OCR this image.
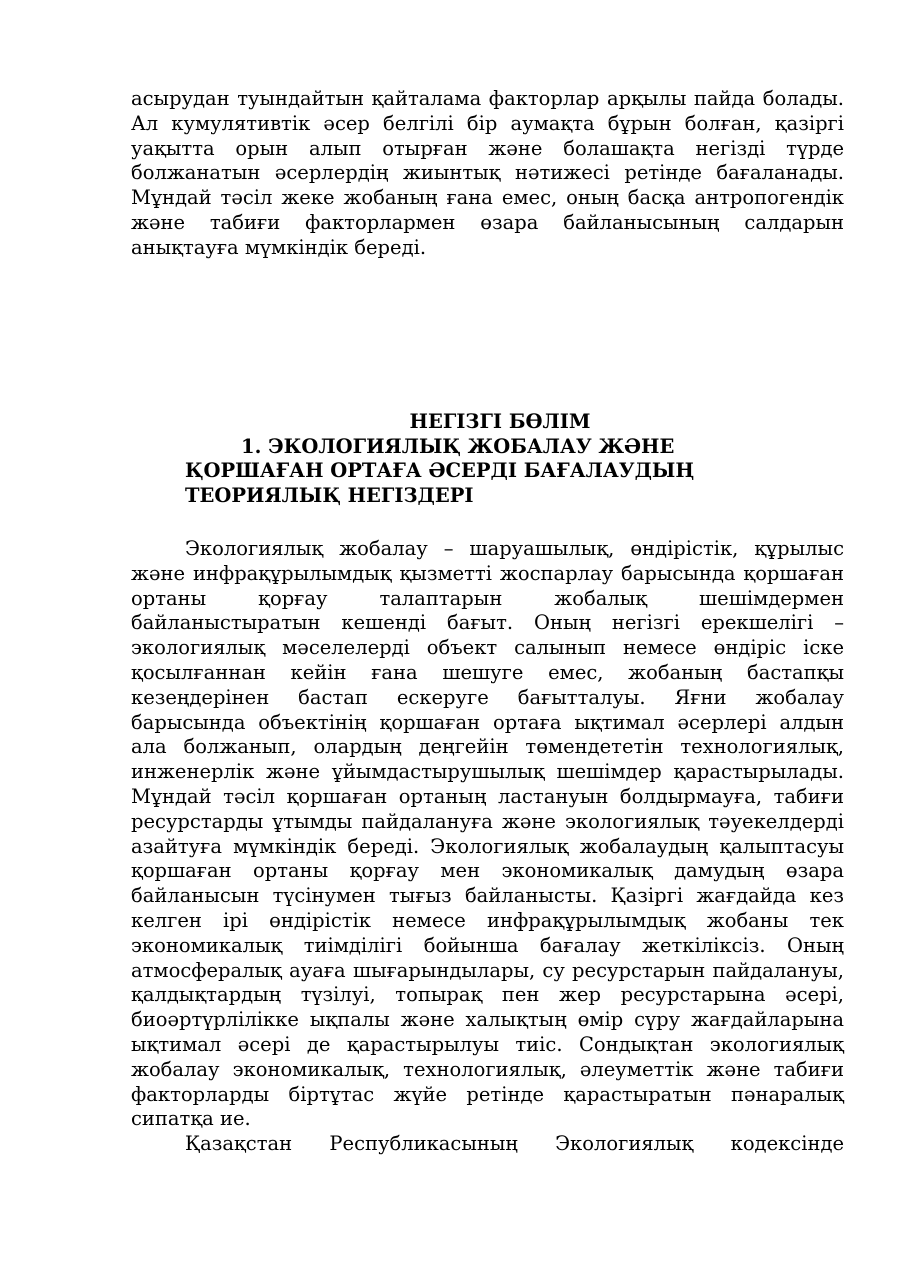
асырудан туындайтын қайталама факторлар арқылы пайда болады. Ал кумулятивтік әсер белгілі бір аумақта бұрын болған, қазіргі уақытта орын алып отырған және болашақта негізді түрде болжанатын әсерлердің жиынтық нәтижесі ретінде бағаланады. Мұндай тәсіл жеке жобаның ғана емес, оның басқа антропогендік және табиғи факторлармен өзара байланысының салдарын анықтауға мүмкіндік береді.

НЕГІЗГІ БӨЛІМ
1. ЭКОЛОГИЯЛЫҚ ЖОБАЛАУ ЖӘНЕ
ҚОРШАҒАН ОРТАҒА ӘСЕРДІ БАҒАЛАУДЫҢ
ТЕОРИЯЛЫҚ НЕГІЗДЕРІ

Экологиялық жобалау – шаруашылық, өндірістік, құрылыс және инфрақұрылымдық қызметті жоспарлау барысында қоршаған ортаны қорғау талаптарын жобалық шешімдермен байланыстыратын кешенді бағыт. Оның негізгі ерекшелігі – экологиялық мәселелерді объект салынып немесе өндіріс іске қосылғаннан кейін ғана шешуге емес, жобаның бастапқы кезеңдерінен бастап ескеруге бағытталуы. Яғни жобалау барысында объектінің қоршаған ортаға ықтимал әсерлері алдын ала болжанып, олардың деңгейін төмендететін технологиялық, инженерлік және ұйымдастырушылық шешімдер қарастырылады. Мұндай тәсіл қоршаған ортаның ластануын болдырмауға, табиғи ресурстарды ұтымды пайдалануға және экологиялық тәуекелдерді азайтуға мүмкіндік береді. Экологиялық жобалаудың қалыптасуы қоршаған ортаны қорғау мен экономикалық дамудың өзара байланысын түсінумен тығыз байланысты. Қазіргі жағдайда кез келген ірі өндірістік немесе инфрақұрылымдық жобаны тек экономикалық тиімділігі бойынша бағалау жеткіліксіз. Оның атмосфералық ауаға шығарындылары, су ресурстарын пайдалануы, қалдықтардың түзілуі, топырақ пен жер ресурстарына әсері, биоәртүрлілікке ықпалы және халықтың өмір сүру жағдайларына ықтимал әсері де қарастырылуы тиіс. Сондықтан экологиялық жобалау экономикалық, технологиялық, әлеуметтік және табиғи факторларды біртұтас жүйе ретінде қарастыратын пәнаралық сипатқа ие.

Қазақстан Республикасының Экологиялық кодексінде
